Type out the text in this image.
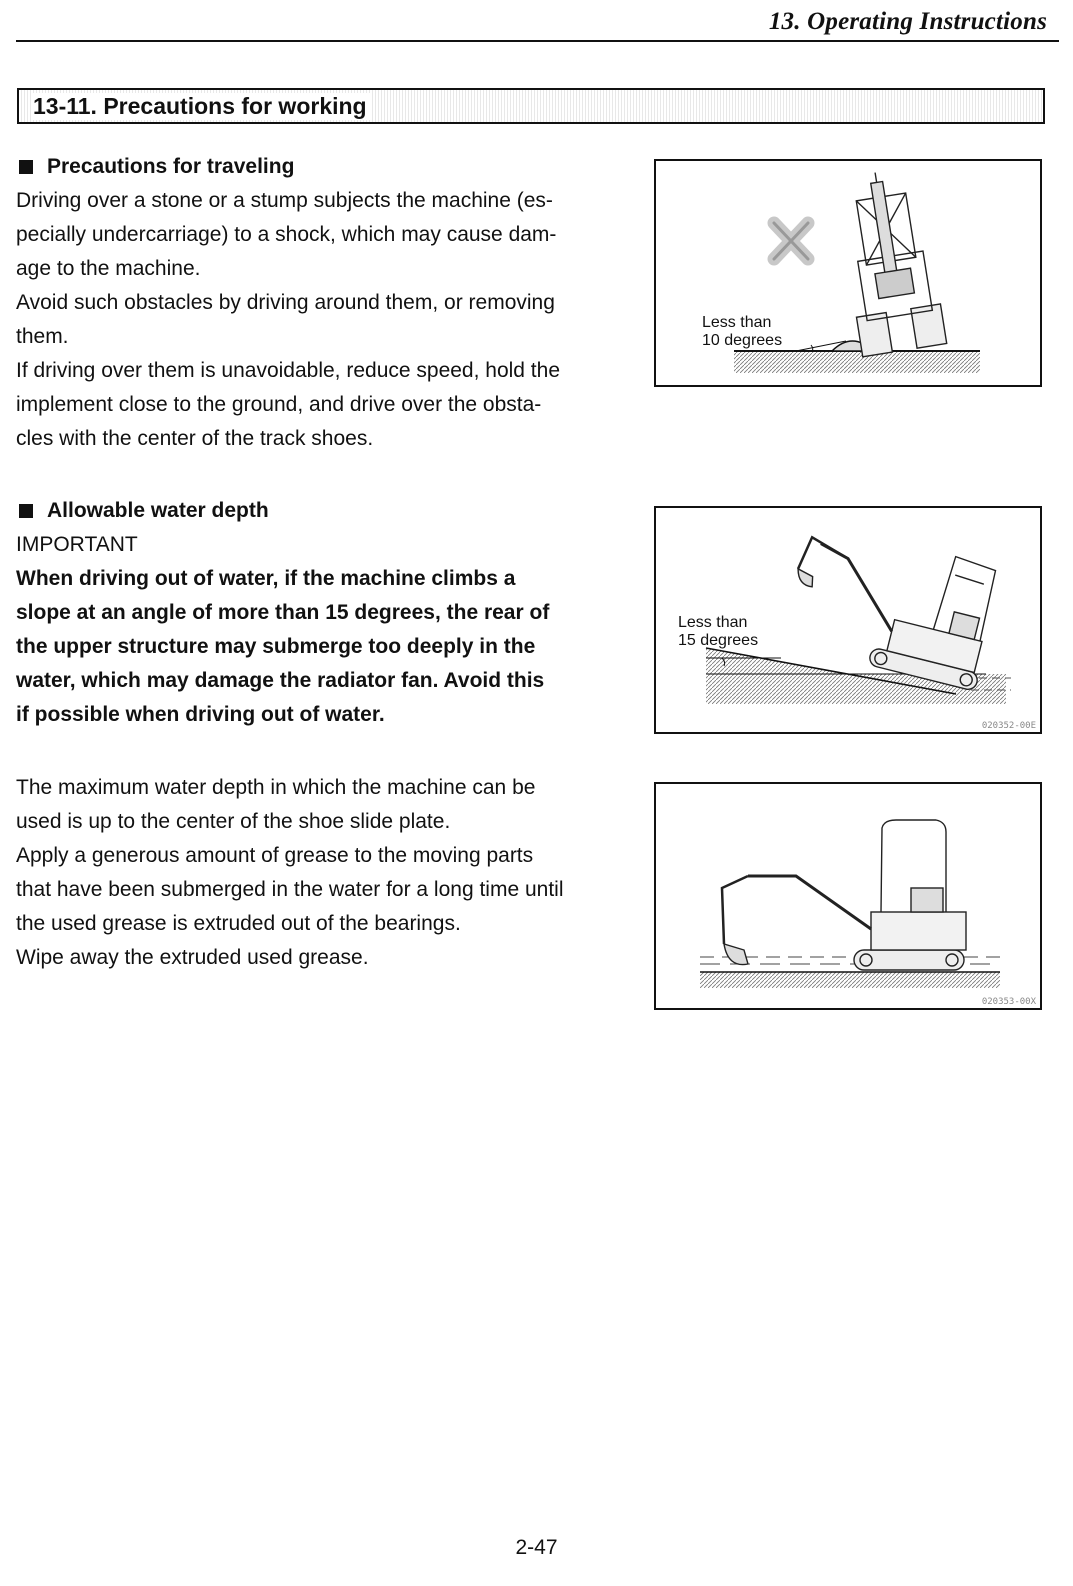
13. Operating Instructions
13-11. Precautions for working
Precautions for traveling

Driving over a stone or a stump subjects the machine (es-

pecially undercarriage) to a shock, which may cause dam-

age to the machine.

Avoid such obstacles by driving around them, or removing

them.

If driving over them is unavoidable, reduce speed, hold the

implement close to the ground, and drive over the obsta-

cles with the center of the track shoes.

Less than
10 degrees
Allowable water depth

IMPORTANT

When driving out of water, if the machine climbs a

slope at an angle of more than 15 degrees, the rear of

the upper structure may submerge too deeply in the

water, which may damage the radiator fan. Avoid this

if possible when driving out of water.

Less than
15 degrees
020352-00E

The maximum water depth in which the machine can be

used is up to the center of the shoe slide plate.

Apply a generous amount of grease to the moving parts

that have been submerged in the water for a long time until

the used grease is extruded out of the bearings.

Wipe away the extruded used grease.

020353-00X
2-47
